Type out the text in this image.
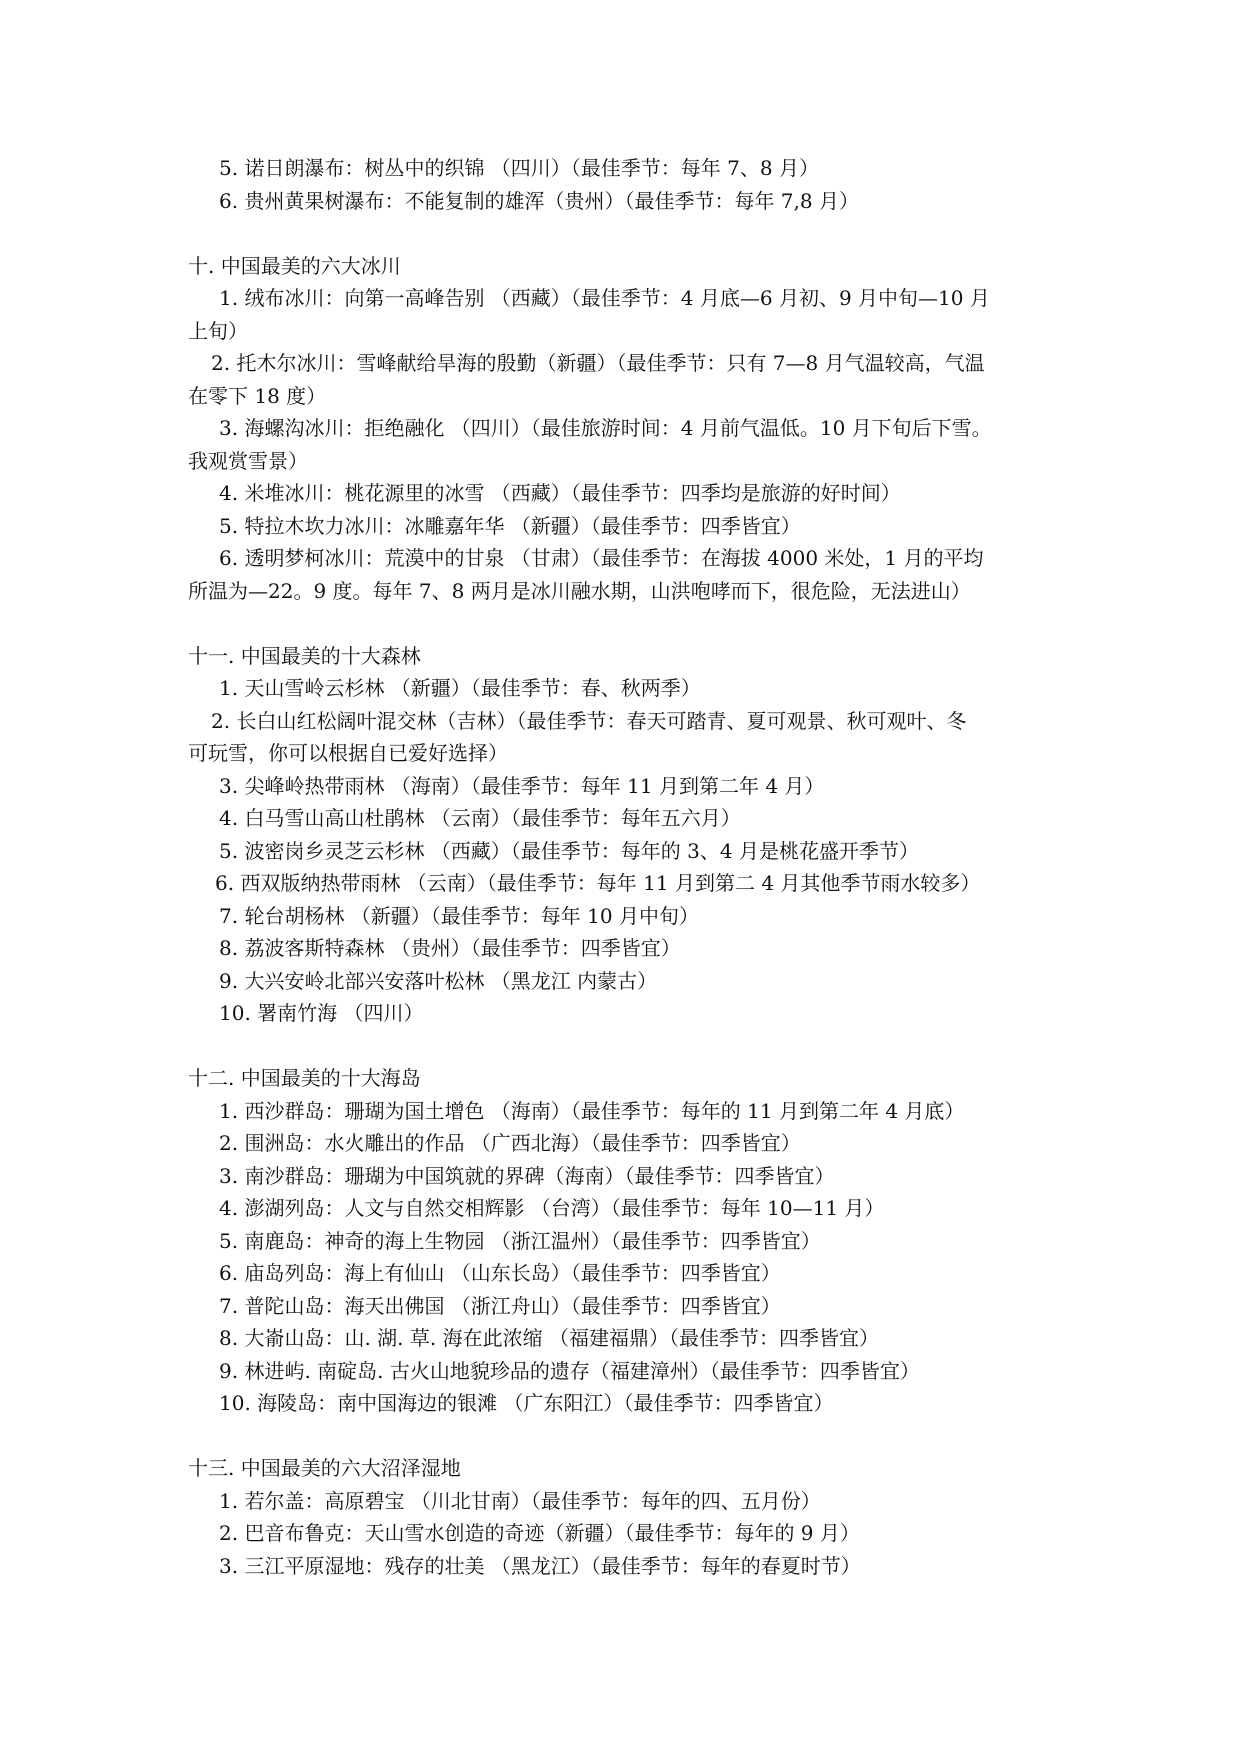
5. 诺日朗瀑布：树丛中的织锦 （四川）（最佳季节：每年 7、8 月）
6. 贵州黄果树瀑布：不能复制的雄浑（贵州）（最佳季节：每年 7,8 月）
十. 中国最美的六大冰川
1. 绒布冰川：向第一高峰告别 （西藏）（最佳季节：4 月底—6 月初、9 月中旬—10 月
上旬）
2. 托木尔冰川：雪峰献给旱海的殷勤（新疆）（最佳季节：只有 7—8 月气温较高，气温
在零下 18 度）
3. 海螺沟冰川：拒绝融化 （四川）（最佳旅游时间：4 月前气温低。10 月下旬后下雪。
我观赏雪景）
4. 米堆冰川：桃花源里的冰雪 （西藏）（最佳季节：四季均是旅游的好时间）
5. 特拉木坎力冰川：冰雕嘉年华 （新疆）（最佳季节：四季皆宜）
6. 透明梦柯冰川：荒漠中的甘泉 （甘肃）（最佳季节：在海拔 4000 米处，1 月的平均
所温为—22。9 度。每年 7、8 两月是冰川融水期，山洪咆哮而下，很危险，无法进山）
十一. 中国最美的十大森林
1. 天山雪岭云杉林 （新疆）（最佳季节：春、秋两季）
2. 长白山红松阔叶混交林（吉林）（最佳季节：春天可踏青、夏可观景、秋可观叶、冬
可玩雪，你可以根据自已爱好选择）
3. 尖峰岭热带雨林 （海南）（最佳季节：每年 11 月到第二年 4 月）
4. 白马雪山高山杜鹃林 （云南）（最佳季节：每年五六月）
5. 波密岗乡灵芝云杉林 （西藏）（最佳季节：每年的 3、4 月是桃花盛开季节）
6. 西双版纳热带雨林 （云南）（最佳季节：每年 11 月到第二 4 月其他季节雨水较多）
7. 轮台胡杨林 （新疆）（最佳季节：每年 10 月中旬）
8. 荔波客斯特森林 （贵州）（最佳季节：四季皆宜）
9. 大兴安岭北部兴安落叶松林 （黑龙江 内蒙古）
10. 署南竹海 （四川）
十二. 中国最美的十大海岛
1. 西沙群岛：珊瑚为国土增色 （海南）（最佳季节：每年的 11 月到第二年 4 月底）
2. 围洲岛：水火雕出的作品 （广西北海）（最佳季节：四季皆宜）
3. 南沙群岛：珊瑚为中国筑就的界碑（海南）（最佳季节：四季皆宜）
4. 澎湖列岛：人文与自然交相辉影 （台湾）（最佳季节：每年 10—11 月）
5. 南鹿岛：神奇的海上生物园 （浙江温州）（最佳季节：四季皆宜）
6. 庙岛列岛：海上有仙山 （山东长岛）（最佳季节：四季皆宜）
7. 普陀山岛：海天出佛国 （浙江舟山）（最佳季节：四季皆宜）
8. 大嵛山岛：山. 湖. 草. 海在此浓缩 （福建福鼎）（最佳季节：四季皆宜）
9. 林进屿. 南碇岛. 古火山地貌珍品的遗存（福建漳州）（最佳季节：四季皆宜）
10. 海陵岛：南中国海边的银滩 （广东阳江）（最佳季节：四季皆宜）
十三. 中国最美的六大沼泽湿地
1. 若尔盖：高原碧宝 （川北甘南）（最佳季节：每年的四、五月份）
2. 巴音布鲁克：天山雪水创造的奇迹（新疆）（最佳季节：每年的 9 月）
3. 三江平原湿地：残存的壮美 （黑龙江）（最佳季节：每年的春夏时节）
